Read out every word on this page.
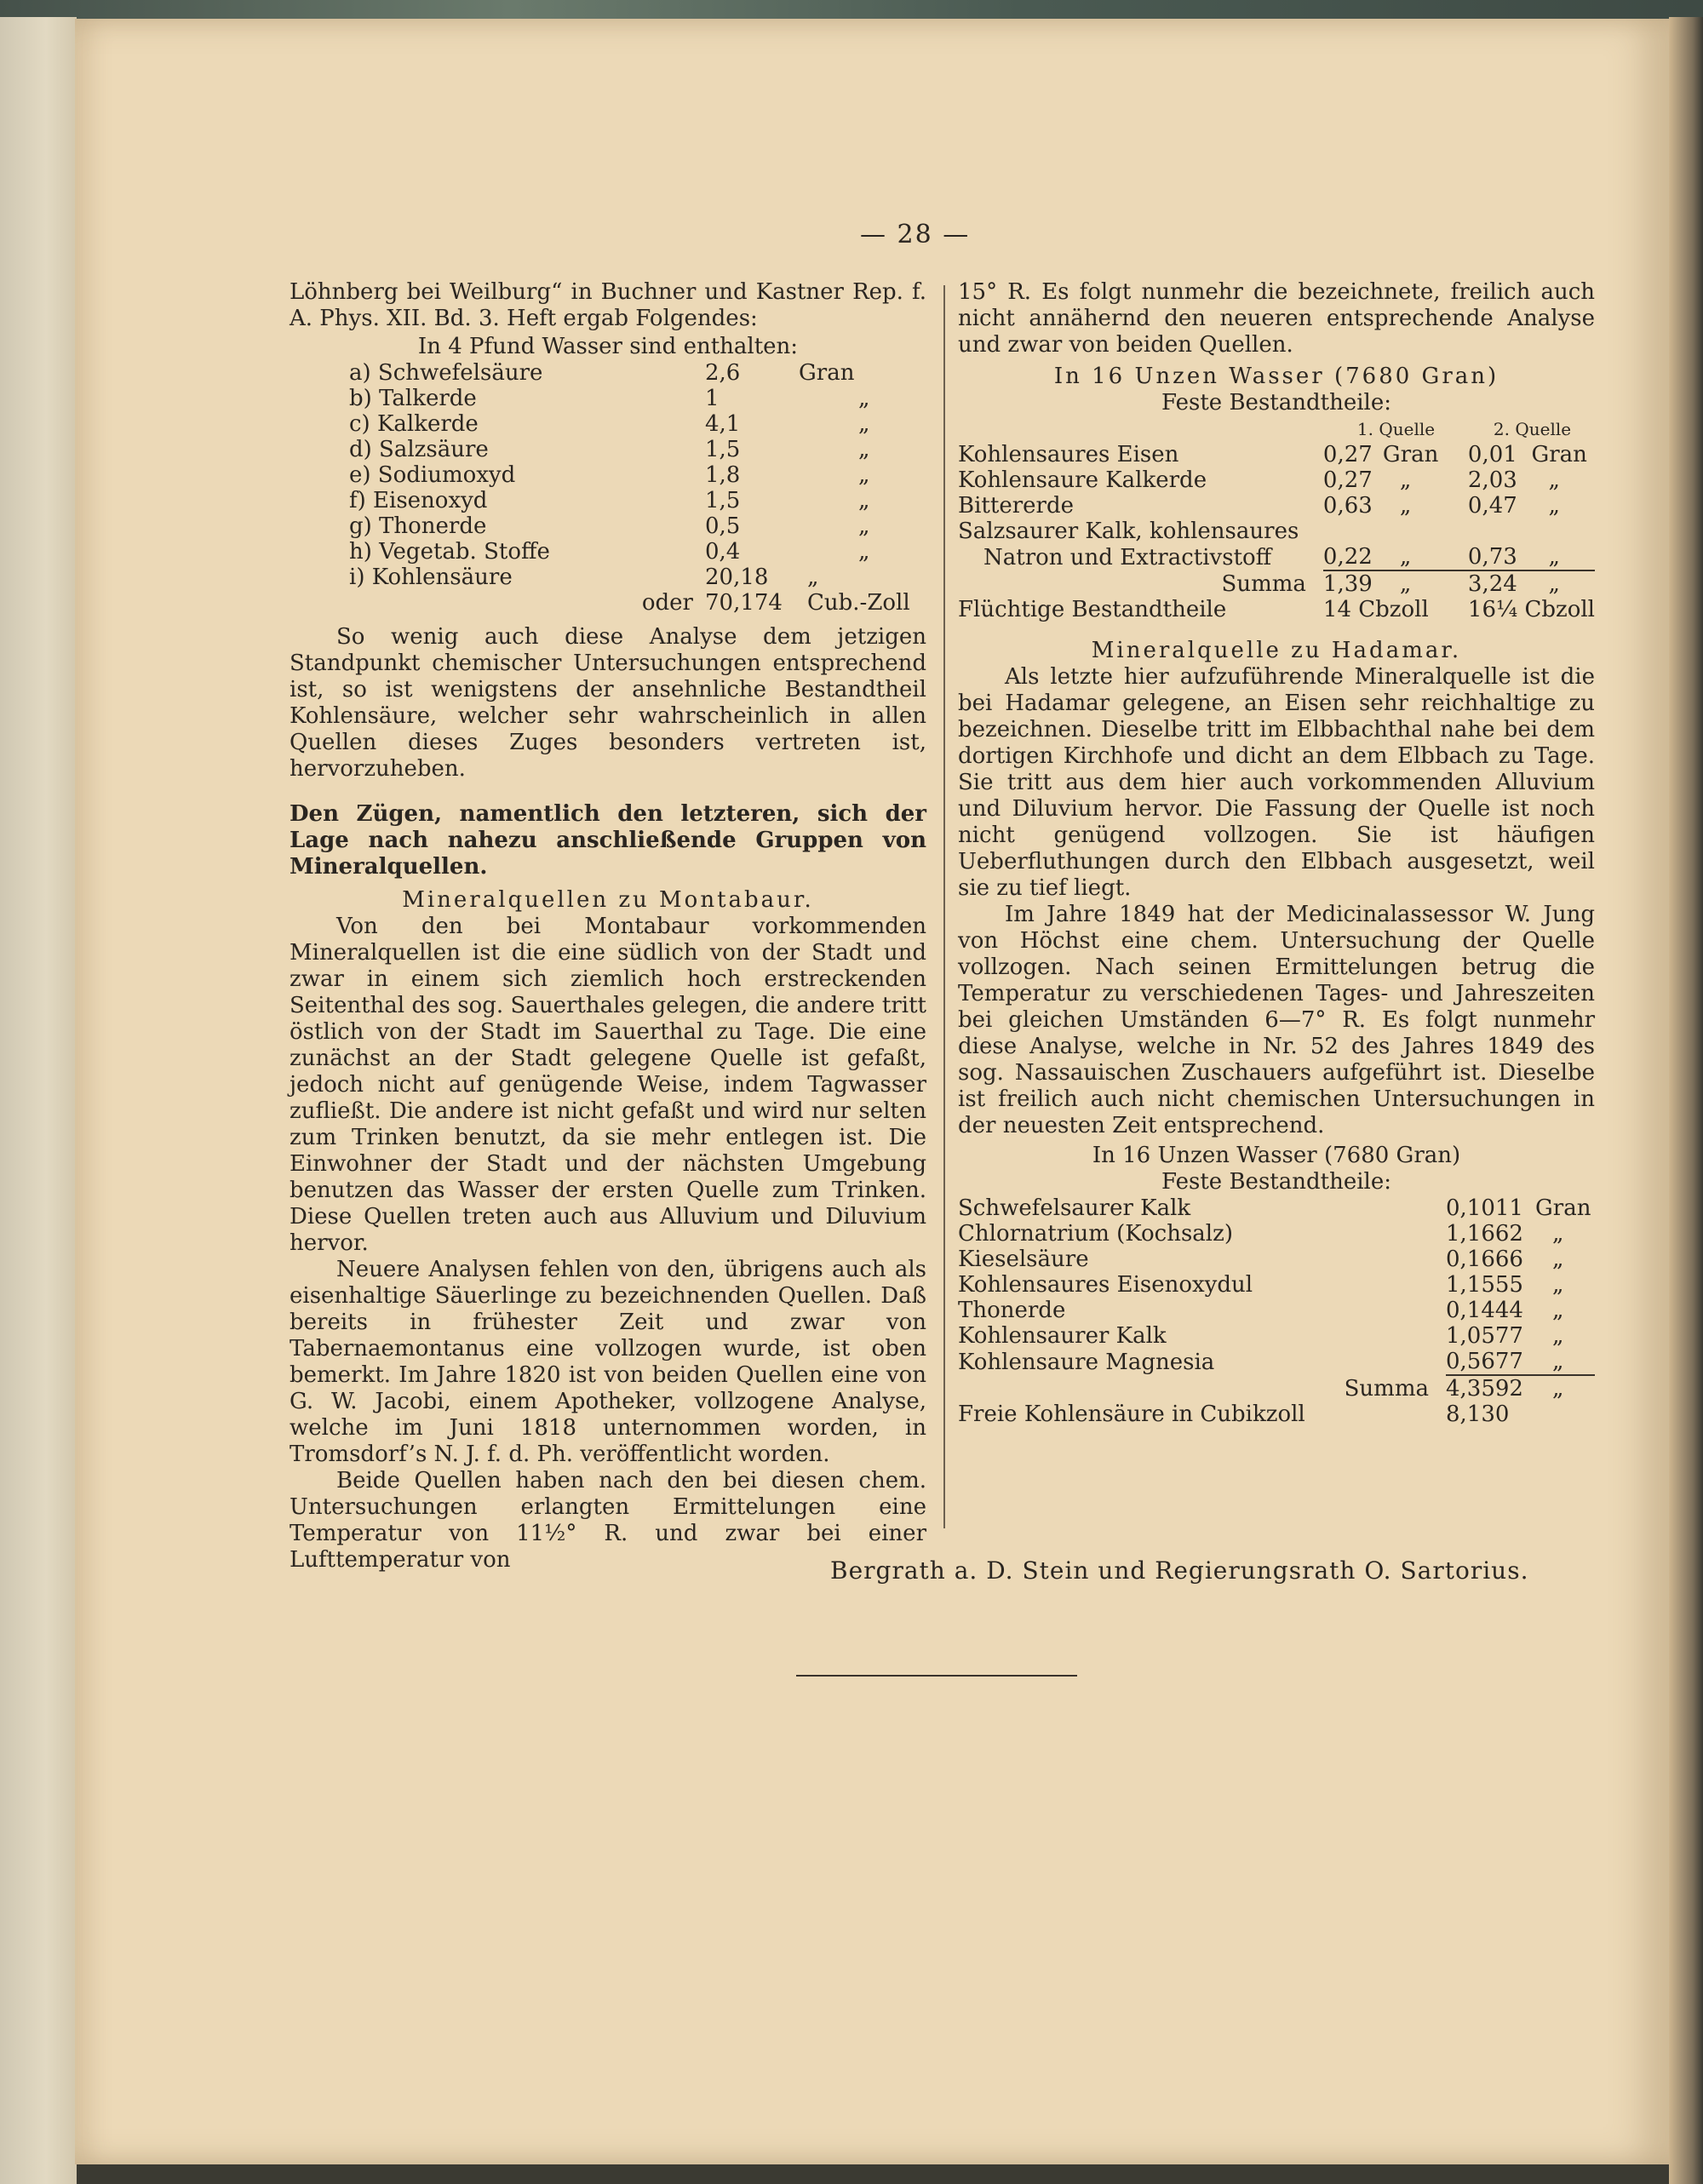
— 28 —

Löhnberg bei Weilburg“ in Buchner und Kastner Rep. f. A. Phys. XII. Bd. 3. Heft ergab Folgendes:

In 4 Pfund Wasser sind enthalten:

a) Schwefelsäure	2,6	Gran
b) Talkerde	1	„
c) Kalkerde	4,1	„
d) Salzsäure	1,5	„
e) Sodiumoxyd	1,8	„
f) Eisenoxyd	1,5	„
g) Thonerde	0,5	„
h) Vegetab. Stoffe	0,4	„
i) Kohlensäure	20,18	„
oder	70,174	Cub.-Zoll

So wenig auch diese Analyse dem jetzigen Standpunkt chemischer Untersuchungen entsprechend ist, so ist wenigstens der ansehnliche Bestandtheil Kohlensäure, welcher sehr wahrscheinlich in allen Quellen dieses Zuges besonders vertreten ist, hervorzuheben.

Den Zügen, namentlich den letzteren, sich der Lage nach nahezu anschließende Gruppen von Mineralquellen.

Mineralquellen zu Montabaur.

Von den bei Montabaur vorkommenden Mineralquellen ist die eine südlich von der Stadt und zwar in einem sich ziemlich hoch erstreckenden Seitenthal des sog. Sauerthales gelegen, die andere tritt östlich von der Stadt im Sauerthal zu Tage. Die eine zunächst an der Stadt gelegene Quelle ist gefaßt, jedoch nicht auf genügende Weise, indem Tagwasser zufließt. Die andere ist nicht gefaßt und wird nur selten zum Trinken benutzt, da sie mehr entlegen ist. Die Einwohner der Stadt und der nächsten Umgebung benutzen das Wasser der ersten Quelle zum Trinken. Diese Quellen treten auch aus Alluvium und Diluvium hervor.

Neuere Analysen fehlen von den, übrigens auch als eisenhaltige Säuerlinge zu bezeichnenden Quellen. Daß bereits in frühester Zeit und zwar von Tabernaemontanus eine vollzogen wurde, ist oben bemerkt. Im Jahre 1820 ist von beiden Quellen eine von G. W. Jacobi, einem Apotheker, vollzogene Analyse, welche im Juni 1818 unternommen worden, in Tromsdorf’s N. J. f. d. Ph. veröffentlicht worden.

Beide Quellen haben nach den bei diesen chem. Untersuchungen erlangten Ermittelungen eine Temperatur von 11½° R. und zwar bei einer Lufttemperatur von

15° R. Es folgt nunmehr die bezeichnete, freilich auch nicht annähernd den neueren entsprechende Analyse und zwar von beiden Quellen.

In 16 Unzen Wasser (7680 Gran)

Feste Bestandtheile:

	1. Quelle		2. Quelle	
Kohlensaures Eisen	0,27	Gran	0,01	Gran
Kohlensaure Kalkerde	0,27	„	2,03	„
Bittererde	0,63	„	0,47	„
Salzsaurer Kalk, kohlensaures				
Natron und Extractivstoff	0,22	„	0,73	„
Summa	1,39	„	3,24	„
Flüchtige Bestandtheile	14 Cbzoll		16¼ Cbzoll	

Mineralquelle zu Hadamar.

Als letzte hier aufzuführende Mineralquelle ist die bei Hadamar gelegene, an Eisen sehr reichhaltige zu bezeichnen. Dieselbe tritt im Elbbachthal nahe bei dem dortigen Kirchhofe und dicht an dem Elbbach zu Tage. Sie tritt aus dem hier auch vorkommenden Alluvium und Diluvium hervor. Die Fassung der Quelle ist noch nicht genügend vollzogen. Sie ist häufigen Ueberfluthungen durch den Elbbach ausgesetzt, weil sie zu tief liegt.

Im Jahre 1849 hat der Medicinalassessor W. Jung von Höchst eine chem. Untersuchung der Quelle vollzogen. Nach seinen Ermittelungen betrug die Temperatur zu verschiedenen Tages- und Jahreszeiten bei gleichen Umständen 6—7° R. Es folgt nunmehr diese Analyse, welche in Nr. 52 des Jahres 1849 des sog. Nassauischen Zuschauers aufgeführt ist. Dieselbe ist freilich auch nicht chemischen Untersuchungen in der neuesten Zeit entsprechend.

In 16 Unzen Wasser (7680 Gran)

Feste Bestandtheile:

Schwefelsaurer Kalk	0,1011	Gran
Chlornatrium (Kochsalz)	1,1662	„
Kieselsäure	0,1666	„
Kohlensaures Eisenoxydul	1,1555	„
Thonerde	0,1444	„
Kohlensaurer Kalk	1,0577	„
Kohlensaure Magnesia	0,5677	„
Summa	4,3592	„
Freie Kohlensäure in Cubikzoll	8,130	
Bergrath a. D. Stein und Regierungsrath O. Sartorius.
